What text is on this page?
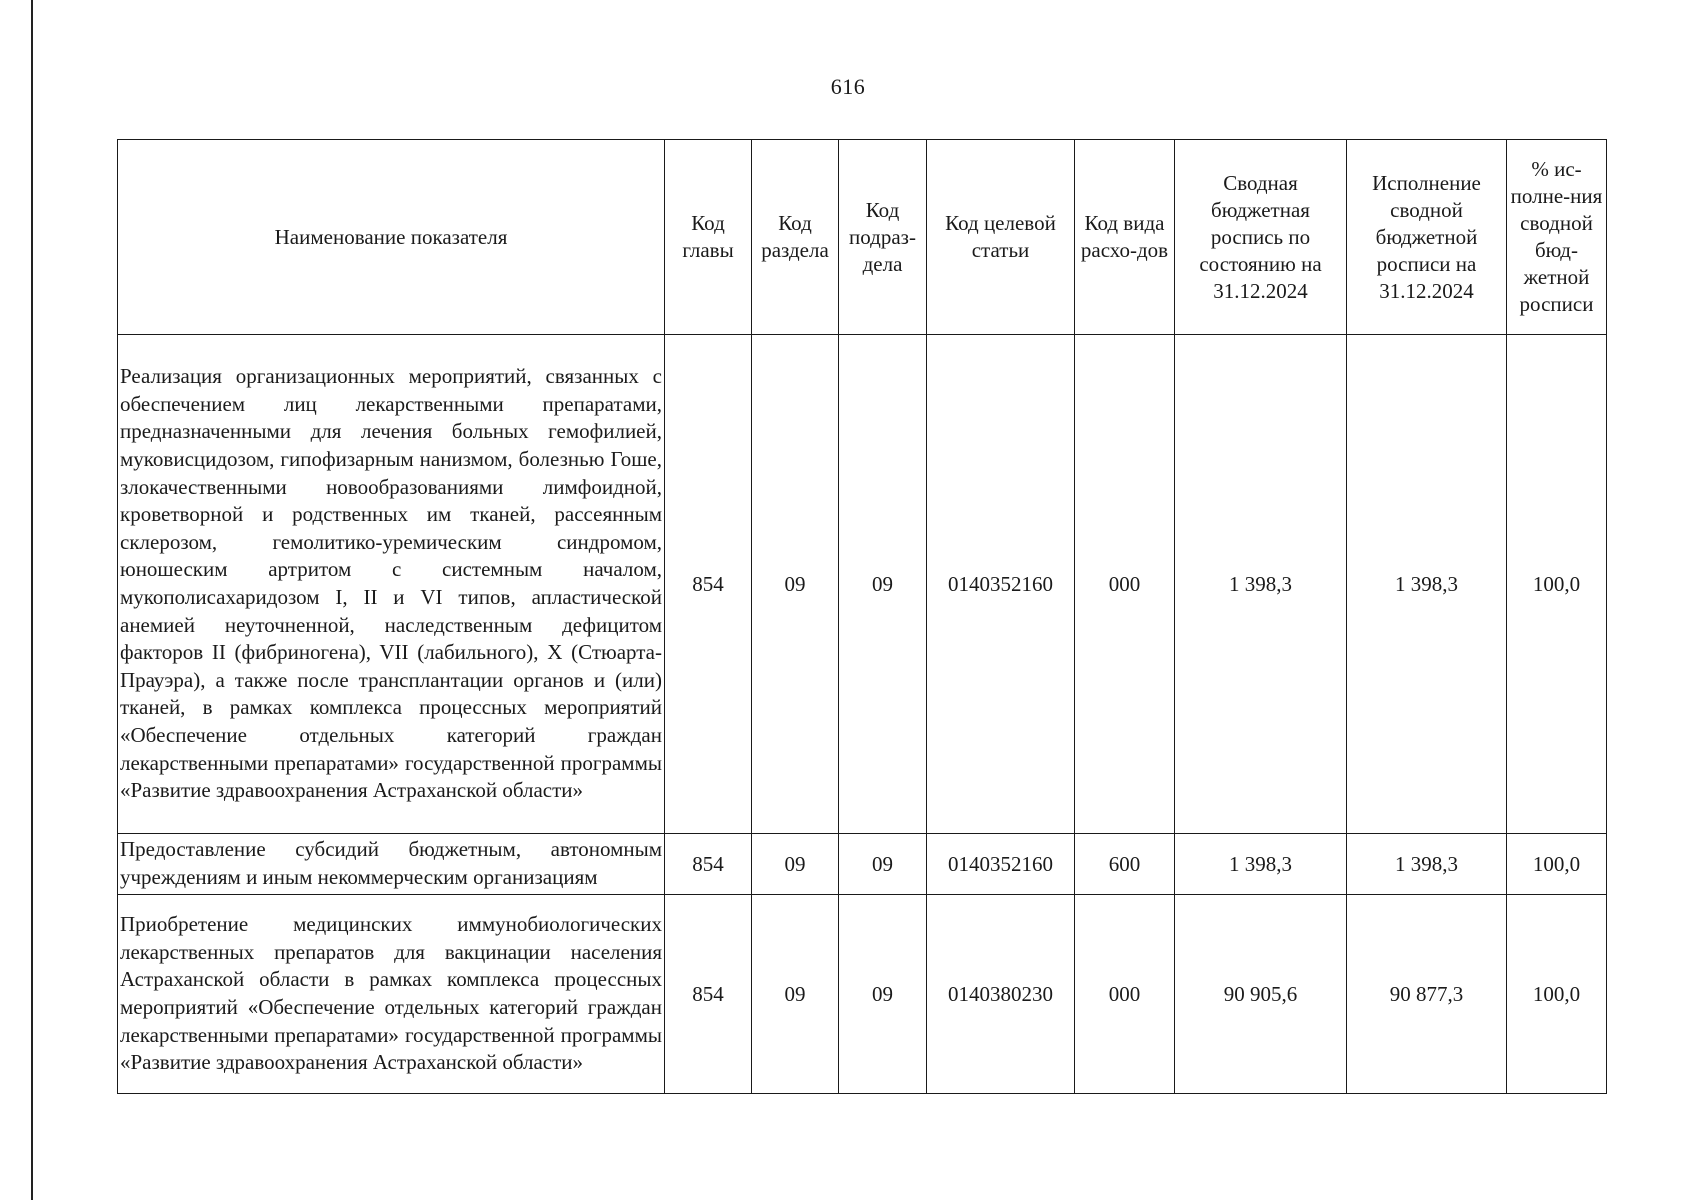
616
Наименование показателя	Код главы	Код раздела	Код подраз-дела	Код целевой статьи	Код вида расхо-дов	Сводная бюджетная роспись по состоянию на 31.12.2024	Исполнение сводной бюджетной росписи на 31.12.2024	% ис-полне-ния сводной бюд-жетной росписи
Реализация организационных мероприятий, связанных с обеспечением лиц лекарственными препаратами, предназначенными для лечения больных гемофилией, муковисцидозом, гипофизарным нанизмом, болезнью Гоше, злокачественными новообразованиями лимфоидной, кроветворной и родственных им тканей, рассеянным склерозом, гемолитико-уремическим синдромом, юношеским артритом с системным началом, мукополисахаридозом I, II и VI типов, апластической анемией неуточненной, наследственным дефицитом факторов II (фибриногена), VII (лабильного), X (Стюарта-Прауэра), а также после трансплантации органов и (или) тканей, в рамках комплекса процессных мероприятий «Обеспечение отдельных категорий граждан лекарственными препаратами» государственной программы «Развитие здравоохранения Астраханской области»	854	09	09	0140352160	000	1 398,3	1 398,3	100,0
Предоставление субсидий бюджетным, автономным учреждениям и иным некоммерческим организациям	854	09	09	0140352160	600	1 398,3	1 398,3	100,0
Приобретение медицинских иммунобиологических лекарственных препаратов для вакцинации населения Астраханской области в рамках комплекса процессных мероприятий «Обеспечение отдельных категорий граждан лекарственными препаратами» государственной программы «Развитие здравоохранения Астраханской области»	854	09	09	0140380230	000	90 905,6	90 877,3	100,0
